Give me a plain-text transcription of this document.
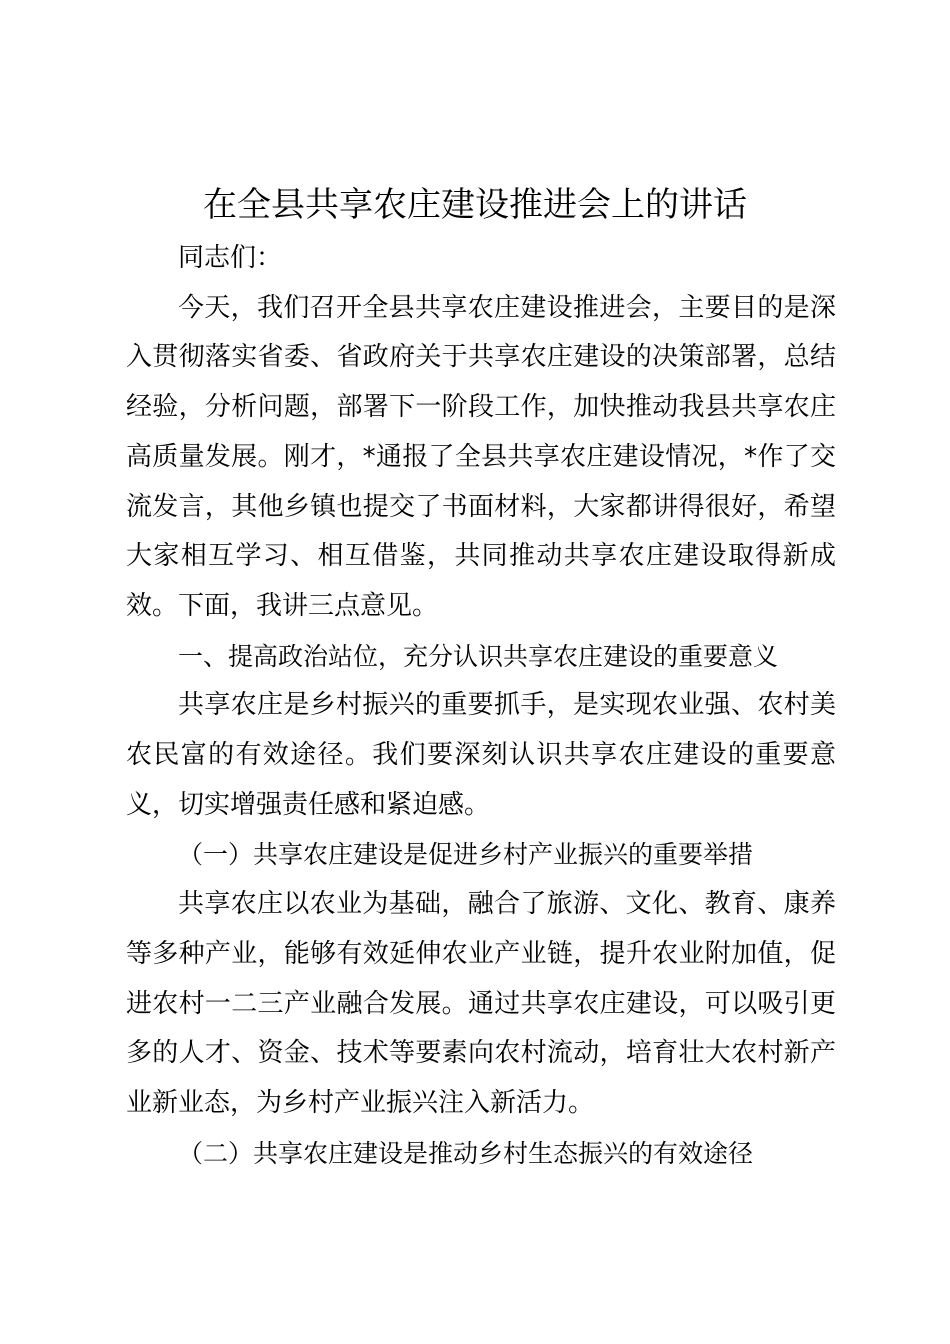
在全县共享农庄建设推进会上的讲话

同志们：

今天，我们召开全县共享农庄建设推进会，主要目的是深入贯彻落实省委、省政府关于共享农庄建设的决策部署，总结经验，分析问题，部署下一阶段工作，加快推动我县共享农庄高质量发展。刚才，*通报了全县共享农庄建设情况，*作了交流发言，其他乡镇也提交了书面材料，大家都讲得很好，希望大家相互学习、相互借鉴，共同推动共享农庄建设取得新成效。下面，我讲三点意见。

一、提高政治站位，充分认识共享农庄建设的重要意义

共享农庄是乡村振兴的重要抓手，是实现农业强、农村美农民富的有效途径。我们要深刻认识共享农庄建设的重要意义，切实增强责任感和紧迫感。

（一）共享农庄建设是促进乡村产业振兴的重要举措

共享农庄以农业为基础，融合了旅游、文化、教育、康养等多种产业，能够有效延伸农业产业链，提升农业附加值，促进农村一二三产业融合发展。通过共享农庄建设，可以吸引更多的人才、资金、技术等要素向农村流动，培育壮大农村新产业新业态，为乡村产业振兴注入新活力。

（二）共享农庄建设是推动乡村生态振兴的有效途径
